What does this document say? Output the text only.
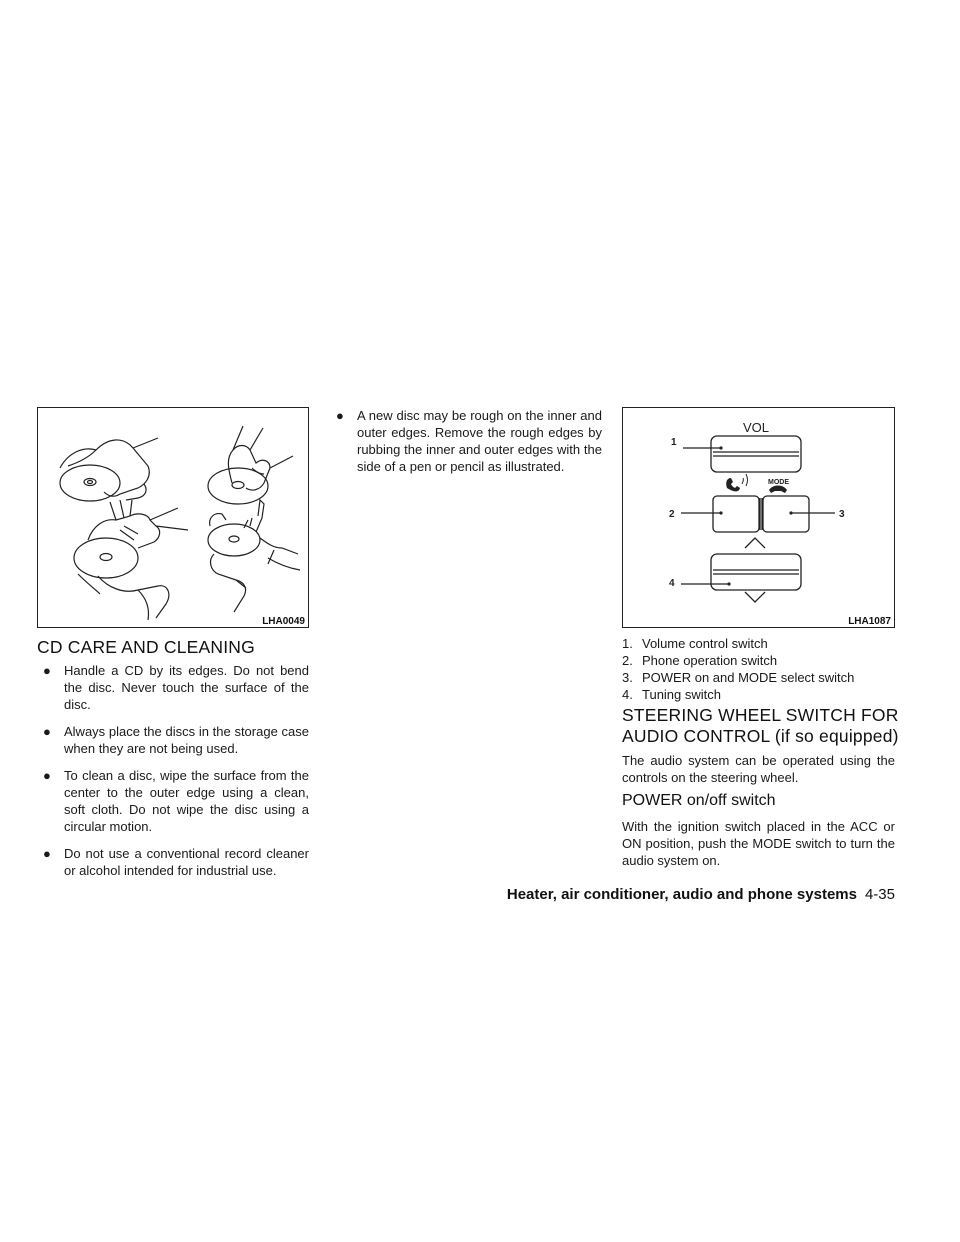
LHA0049
CD CARE AND CLEANING
● Handle a CD by its edges. Do not bend the disc. Never touch the surface of the disc.
● Always place the discs in the storage case when they are not being used.
● To clean a disc, wipe the surface from the center to the outer edge using a clean, soft cloth. Do not wipe the disc using a circular motion.
● Do not use a conventional record cleaner or alcohol intended for industrial use.
● A new disc may be rough on the inner and outer edges. Remove the rough edges by rubbing the inner and outer edges with the side of a pen or pencil as illustrated.
VOL
MODE
1
2	3
4
LHA1087
1. Volume control switch
2. Phone operation switch
3. POWER on and MODE select switch
4. Tuning switch
STEERING WHEEL SWITCH FOR
AUDIO CONTROL (if so equipped)

The audio system can be operated using the controls on the steering wheel.

POWER on/off switch

With the ignition switch placed in the ACC or ON position, push the MODE switch to turn the audio system on.

Heater, air conditioner, audio and phone systems 4-35
